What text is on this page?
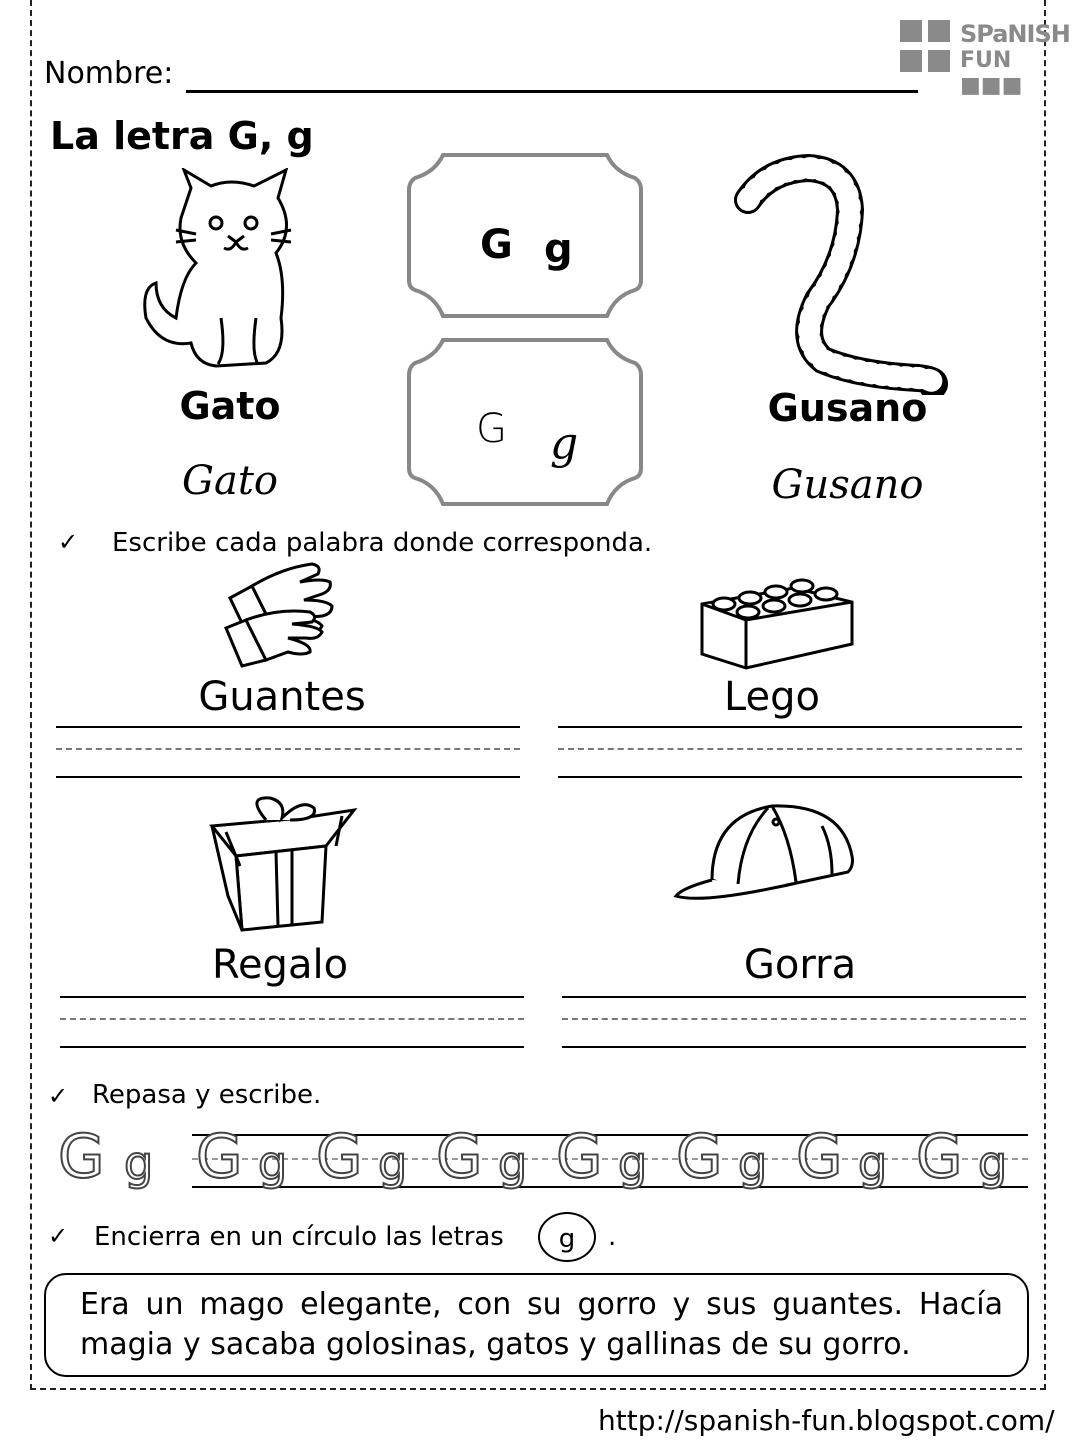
Nombre:
SPaNISH
FUN ■■■
La letra G, g
Gato
Gato
G g
G g
Gusano
Gusano
✓ Escribe cada palabra donde corresponda.
Guantes	Lego
Regalo	Gorra
✓ Repasa y escribe.
G g G g G g G g G g G g G g G g
✓ Encierra en un círculo las letras	g	.
Era un mago elegante, con su gorro y sus guantes. Hacía magia y sacaba golosinas, gatos y gallinas de su gorro.
http://spanish-fun.blogspot.com/
